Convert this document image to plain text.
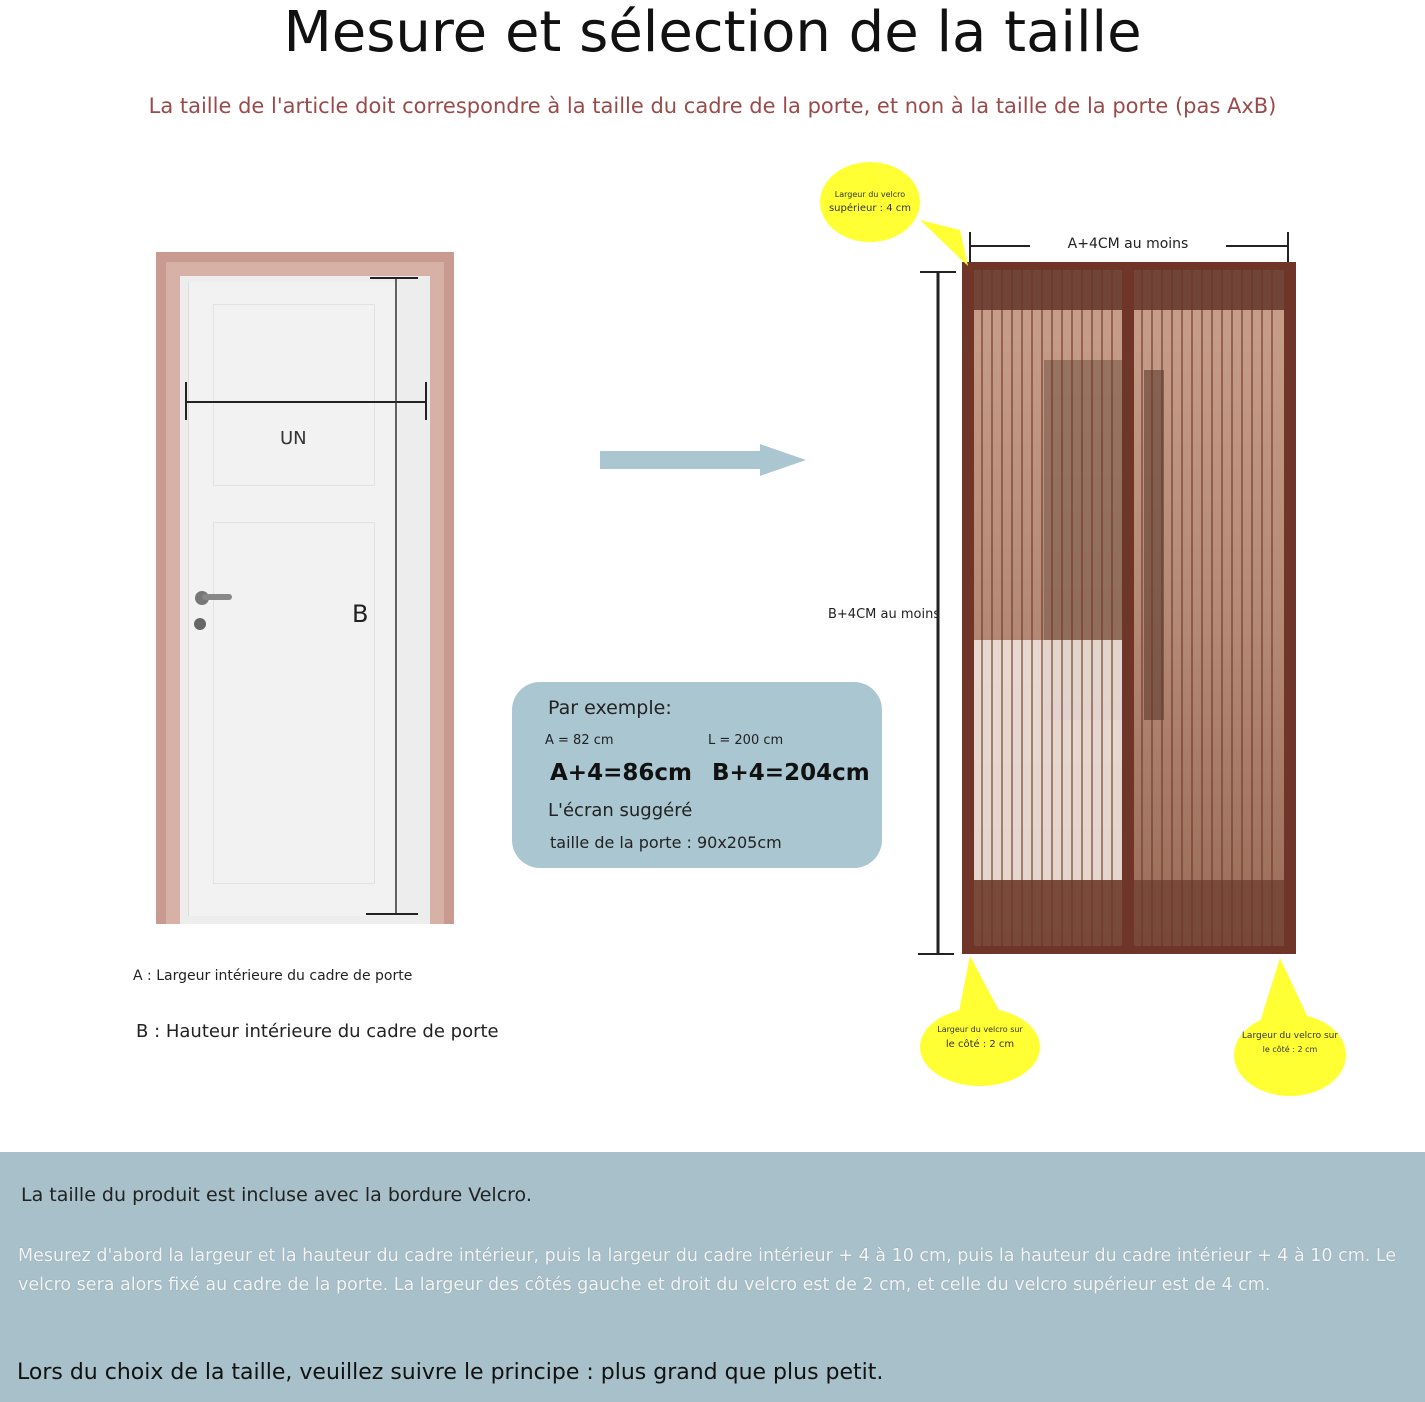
Mesure et sélection de la taille
La taille de l'article doit correspondre à la taille du cadre de la porte, et non à la taille de la porte (pas AxB)
UN
B
Par exemple:
A = 82 cm	L = 200 cm
A+4=86cm B+4=204cm
L'écran suggéré
taille de la porte : 90x205cm
A+4CM au moins
B+4CM au moins
Largeur du velcro
supérieur : 4 cm
Largeur du velcro sur
le côté : 2 cm
Largeur du velcro sur
le côté : 2 cm
A : Largeur intérieure du cadre de porte
B : Hauteur intérieure du cadre de porte
La taille du produit est incluse avec la bordure Velcro.
Mesurez d'abord la largeur et la hauteur du cadre intérieur, puis la largeur du cadre intérieur + 4 à 10 cm, puis la hauteur du cadre intérieur + 4 à 10 cm. Le velcro sera alors fixé au cadre de la porte. La largeur des côtés gauche et droit du velcro est de 2 cm, et celle du velcro supérieur est de 4 cm.
Lors du choix de la taille, veuillez suivre le principe : plus grand que plus petit.
